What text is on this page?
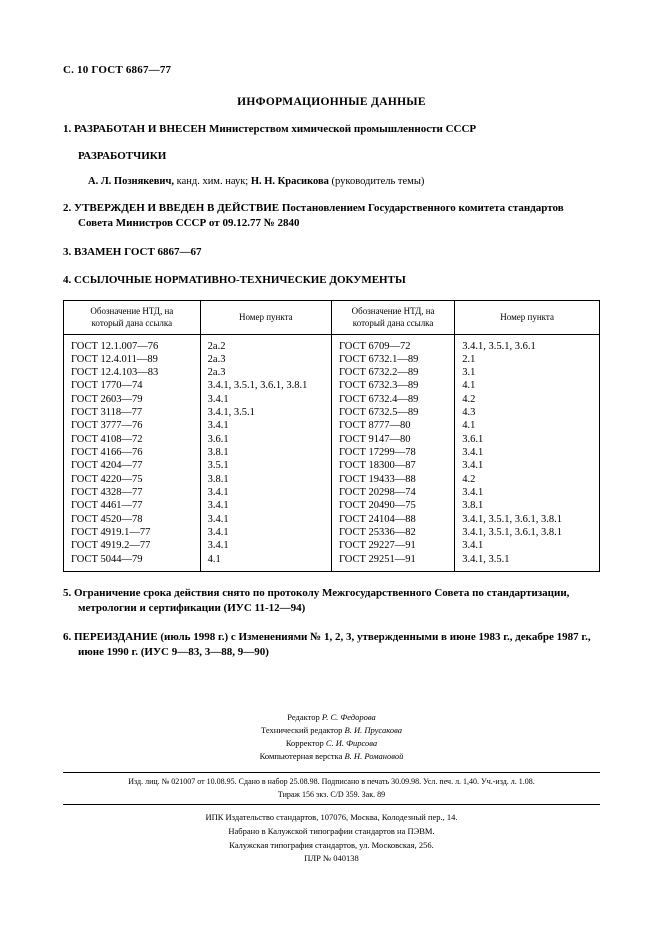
С. 10 ГОСТ 6867—77
ИНФОРМАЦИОННЫЕ ДАННЫЕ
1. РАЗРАБОТАН И ВНЕСЕН Министерством химической промышленности СССР
РАЗРАБОТЧИКИ
А. Л. Познякевич, канд. хим. наук; Н. Н. Красикова (руководитель темы)
2. УТВЕРЖДЕН И ВВЕДЕН В ДЕЙСТВИЕ Постановлением Государственного комитета стандартов Совета Министров СССР от 09.12.77 № 2840
3. ВЗАМЕН ГОСТ 6867—67
4. ССЫЛОЧНЫЕ НОРМАТИВНО-ТЕХНИЧЕСКИЕ ДОКУМЕНТЫ
Обозначение НТД, на который дана ссылка	Номер пункта	Обозначение НТД, на который дана ссылка	Номер пункта
ГОСТ 12.1.007—76	2а.2	ГОСТ 6709—72	3.4.1, 3.5.1, 3.6.1
ГОСТ 12.4.011—89	2а.3	ГОСТ 6732.1—89	2.1
ГОСТ 12.4.103—83	2а.3	ГОСТ 6732.2—89	3.1
ГОСТ 1770—74	3.4.1, 3.5.1, 3.6.1, 3.8.1	ГОСТ 6732.3—89	4.1
ГОСТ 2603—79	3.4.1	ГОСТ 6732.4—89	4.2
ГОСТ 3118—77	3.4.1, 3.5.1	ГОСТ 6732.5—89	4.3
ГОСТ 3777—76	3.4.1	ГОСТ 8777—80	4.1
ГОСТ 4108—72	3.6.1	ГОСТ 9147—80	3.6.1
ГОСТ 4166—76	3.8.1	ГОСТ 17299—78	3.4.1
ГОСТ 4204—77	3.5.1	ГОСТ 18300—87	3.4.1
ГОСТ 4220—75	3.8.1	ГОСТ 19433—88	4.2
ГОСТ 4328—77	3.4.1	ГОСТ 20298—74	3.4.1
ГОСТ 4461—77	3.4.1	ГОСТ 20490—75	3.8.1
ГОСТ 4520—78	3.4.1	ГОСТ 24104—88	3.4.1, 3.5.1, 3.6.1, 3.8.1
ГОСТ 4919.1—77	3.4.1	ГОСТ 25336—82	3.4.1, 3.5.1, 3.6.1, 3.8.1
ГОСТ 4919.2—77	3.4.1	ГОСТ 29227—91	3.4.1
ГОСТ 5044—79	4.1	ГОСТ 29251—91	3.4.1, 3.5.1
5. Ограничение срока действия снято по протоколу Межгосударственного Совета по стандартизации, метрологии и сертификации (ИУС 11-12—94)
6. ПЕРЕИЗДАНИЕ (июль 1998 г.) с Изменениями № 1, 2, 3, утвержденными в июне 1983 г., декабре 1987 г., июне 1990 г. (ИУС 9—83, 3—88, 9—90)
Редактор Р. С. Федорова
Технический редактор В. И. Прусакова
Корректор С. И. Фирсова
Компьютерная верстка В. Н. Романовой
Изд. лиц. № 021007 от 10.08.95. Сдано в набор 25.08.98. Подписано в печать 30.09.98. Усл. печ. л. 1,40. Уч.-изд. л. 1.08.
Тираж 156 экз. С/D 359. Зак. 89
ИПК Издательство стандартов, 107076, Москва, Колодезный пер., 14.
Набрано в Калужской типографии стандартов на ПЭВМ.
Калужская типография стандартов, ул. Московская, 256.
ПЛР № 040138
